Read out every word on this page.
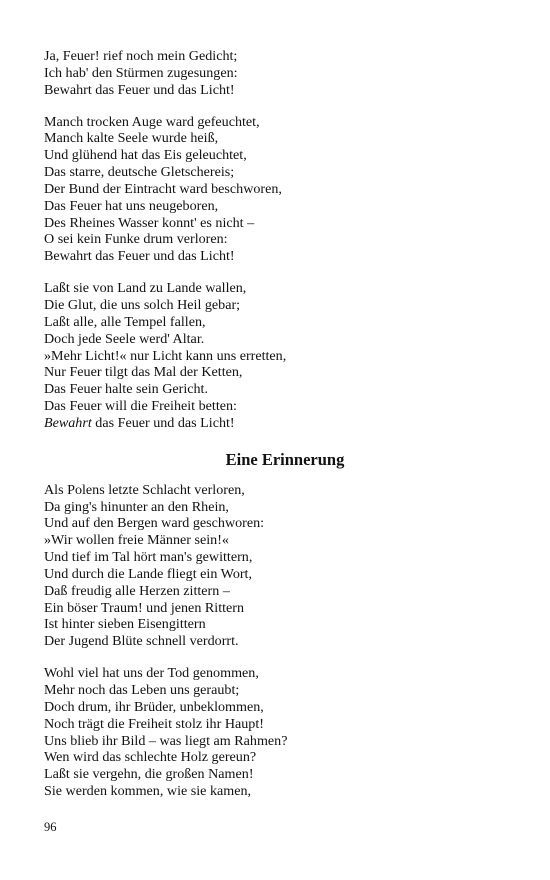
Ja, Feuer! rief noch mein Gedicht;
Ich hab' den Stürmen zugesungen:
Bewahrt das Feuer und das Licht!
Manch trocken Auge ward gefeuchtet,
Manch kalte Seele wurde heiß,
Und glühend hat das Eis geleuchtet,
Das starre, deutsche Gletschereis;
Der Bund der Eintracht ward beschworen,
Das Feuer hat uns neugeboren,
Des Rheines Wasser konnt' es nicht –
O sei kein Funke drum verloren:
Bewahrt das Feuer und das Licht!
Laßt sie von Land zu Lande wallen,
Die Glut, die uns solch Heil gebar;
Laßt alle, alle Tempel fallen,
Doch jede Seele werd' Altar.
»Mehr Licht!« nur Licht kann uns erretten,
Nur Feuer tilgt das Mal der Ketten,
Das Feuer halte sein Gericht.
Das Feuer will die Freiheit betten:
Bewahrt das Feuer und das Licht!
Eine Erinnerung
Als Polens letzte Schlacht verloren,
Da ging's hinunter an den Rhein,
Und auf den Bergen ward geschworen:
»Wir wollen freie Männer sein!«
Und tief im Tal hört man's gewittern,
Und durch die Lande fliegt ein Wort,
Daß freudig alle Herzen zittern –
Ein böser Traum! und jenen Rittern
Ist hinter sieben Eisengittern
Der Jugend Blüte schnell verdorrt.
Wohl viel hat uns der Tod genommen,
Mehr noch das Leben uns geraubt;
Doch drum, ihr Brüder, unbeklommen,
Noch trägt die Freiheit stolz ihr Haupt!
Uns blieb ihr Bild – was liegt am Rahmen?
Wen wird das schlechte Holz gereun?
Laßt sie vergehn, die großen Namen!
Sie werden kommen, wie sie kamen,
96
